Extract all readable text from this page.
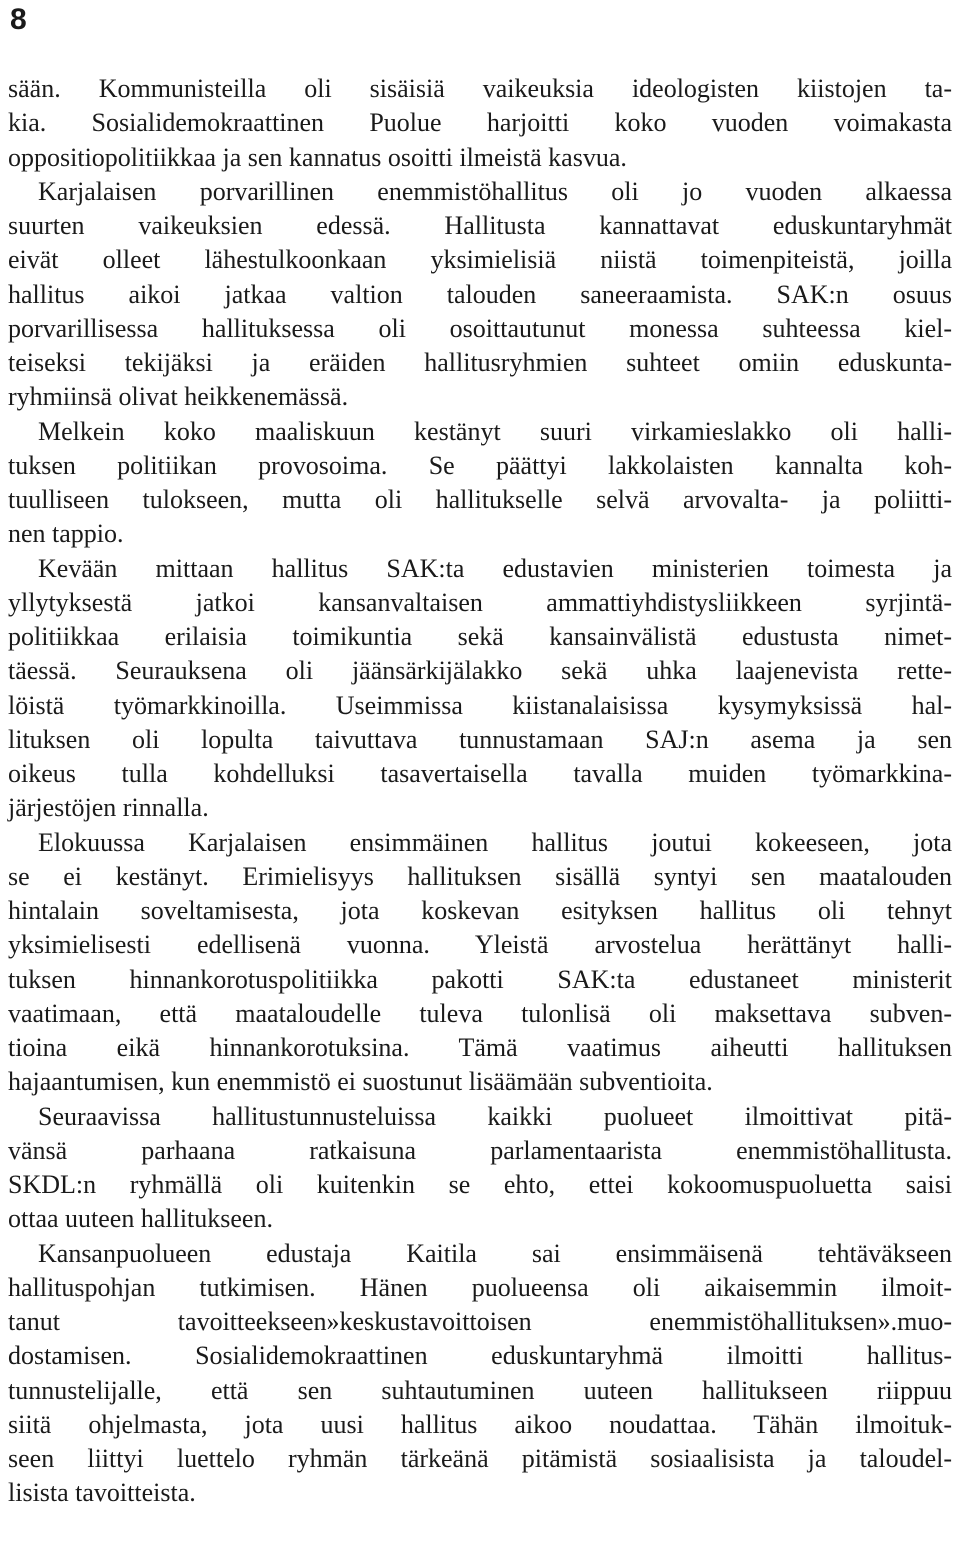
8
sään. Kommunisteilla oli sisäisiä vaikeuksia ideologisten kiistojen ta-
kia. Sosialidemokraattinen Puolue harjoitti koko vuoden voimakasta
oppositiopolitiikkaa ja sen kannatus osoitti ilmeistä kasvua.
Karjalaisen porvarillinen enemmistöhallitus oli jo vuoden alkaessa
suurten vaikeuksien edessä. Hallitusta kannattavat eduskuntaryhmät
eivät olleet lähestulkoonkaan yksimielisiä niistä toimenpiteistä, joilla
hallitus aikoi jatkaa valtion talouden saneeraamista. SAK:n osuus
porvarillisessa hallituksessa oli osoittautunut monessa suhteessa kiel-
teiseksi tekijäksi ja eräiden hallitusryhmien suhteet omiin eduskunta-
ryhmiinsä olivat heikkenemässä.
Melkein koko maaliskuun kestänyt suuri virkamieslakko oli halli-
tuksen politiikan provosoima. Se päättyi lakkolaisten kannalta koh-
tuulliseen tulokseen, mutta oli hallitukselle selvä arvovalta- ja poliitti-
nen tappio.
Kevään mittaan hallitus SAK:ta edustavien ministerien toimesta ja
yllytyksestä jatkoi kansanvaltaisen ammattiyhdistysliikkeen syrjintä-
politiikkaa erilaisia toimikuntia sekä kansainvälistä edustusta nimet-
täessä. Seurauksena oli jäänsärkijälakko sekä uhka laajenevista rette-
löistä työmarkkinoilla. Useimmissa kiistanalaisissa kysymyksissä hal-
lituksen oli lopulta taivuttava tunnustamaan SAJ:n asema ja sen
oikeus tulla kohdelluksi tasavertaisella tavalla muiden työmarkkina-
järjestöjen rinnalla.
Elokuussa Karjalaisen ensimmäinen hallitus joutui kokeeseen, jota
se ei kestänyt. Erimielisyys hallituksen sisällä syntyi sen maatalouden
hintalain soveltamisesta, jota koskevan esityksen hallitus oli tehnyt
yksimielisesti edellisenä vuonna. Yleistä arvostelua herättänyt halli-
tuksen hinnankorotuspolitiikka pakotti SAK:ta edustaneet ministerit
vaatimaan, että maataloudelle tuleva tulonlisä oli maksettava subven-
tioina eikä hinnankorotuksina. Tämä vaatimus aiheutti hallituksen
hajaantumisen, kun enemmistö ei suostunut lisäämään subventioita.
Seuraavissa hallitustunnusteluissa kaikki puolueet ilmoittivat pitä-
vänsä parhaana ratkaisuna parlamentaarista enemmistöhallitusta.
SKDL:n ryhmällä oli kuitenkin se ehto, ettei kokoomuspuoluetta saisi
ottaa uuteen hallitukseen.
Kansanpuolueen edustaja Kaitila sai ensimmäisenä tehtäväkseen
hallituspohjan tutkimisen. Hänen puolueensa oli aikaisemmin ilmoit-
tanut tavoitteekseen»keskustavoittoisen enemmistöhallituksen».muo-
dostamisen. Sosialidemokraattinen eduskuntaryhmä ilmoitti hallitus-
tunnustelijalle, että sen suhtautuminen uuteen hallitukseen riippuu
siitä ohjelmasta, jota uusi hallitus aikoo noudattaa. Tähän ilmoituk-
seen liittyi luettelo ryhmän tärkeänä pitämistä sosiaalisista ja taloudel-
lisista tavoitteista.
